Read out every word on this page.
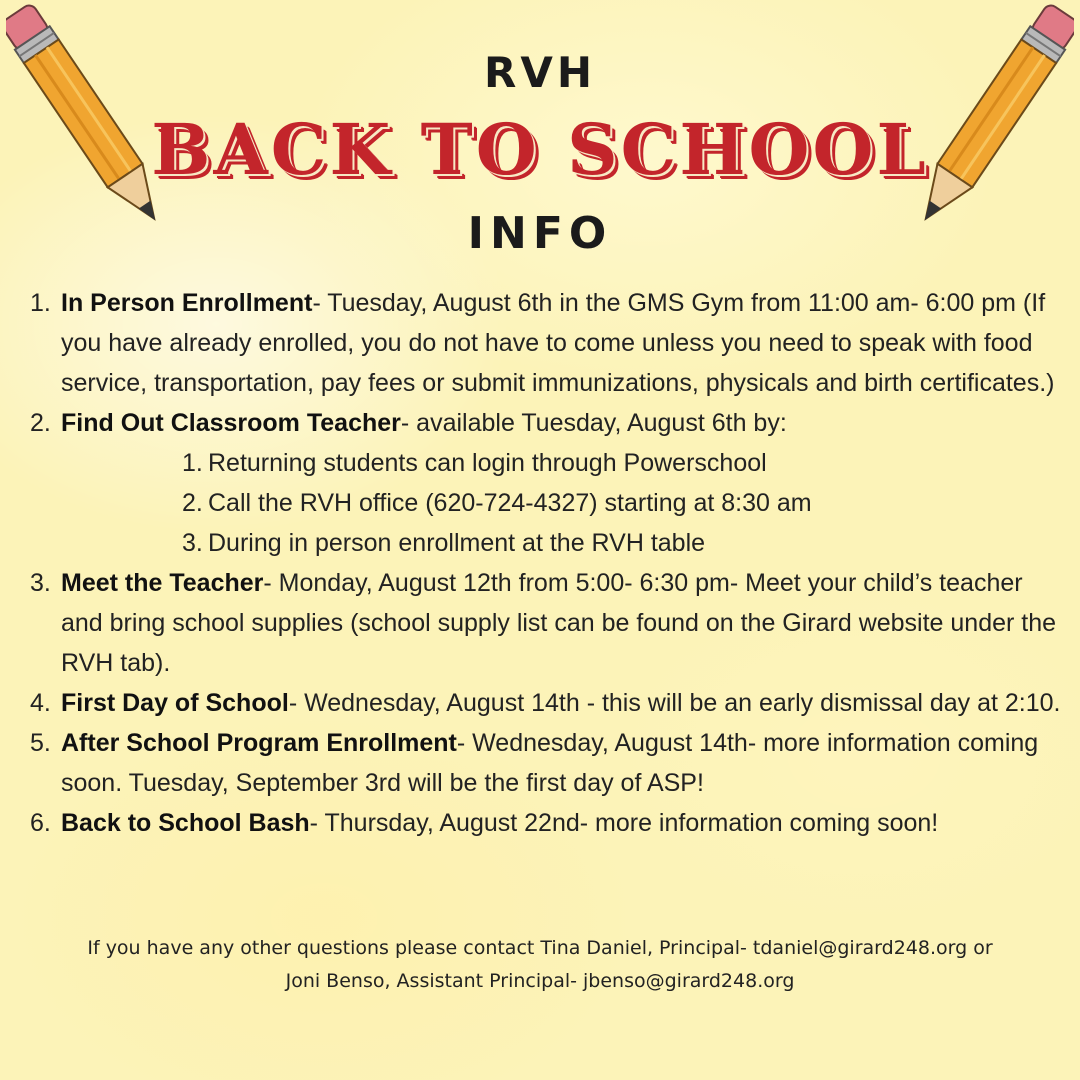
RVH
BACK TO SCHOOL
INFO
1. In Person Enrollment- Tuesday, August 6th in the GMS Gym from 11:00 am- 6:00 pm (If you have already enrolled, you do not have to come unless you need to speak with food service, transportation, pay fees or submit immunizations, physicals and birth certificates.)
2. Find Out Classroom Teacher- available Tuesday, August 6th by:
1. Returning students can login through Powerschool
2. Call the RVH office (620-724-4327) starting at 8:30 am
3. During in person enrollment at the RVH table
3. Meet the Teacher- Monday, August 12th from 5:00- 6:30 pm- Meet your child’s teacher and bring school supplies (school supply list can be found on the Girard website under the RVH tab).
4. First Day of School- Wednesday, August 14th - this will be an early dismissal day at 2:10.
5. After School Program Enrollment- Wednesday, August 14th- more information coming soon. Tuesday, September 3rd will be the first day of ASP!
6. Back to School Bash- Thursday, August 22nd- more information coming soon!
If you have any other questions please contact Tina Daniel, Principal- tdaniel@girard248.org or
Joni Benso, Assistant Principal- jbenso@girard248.org
